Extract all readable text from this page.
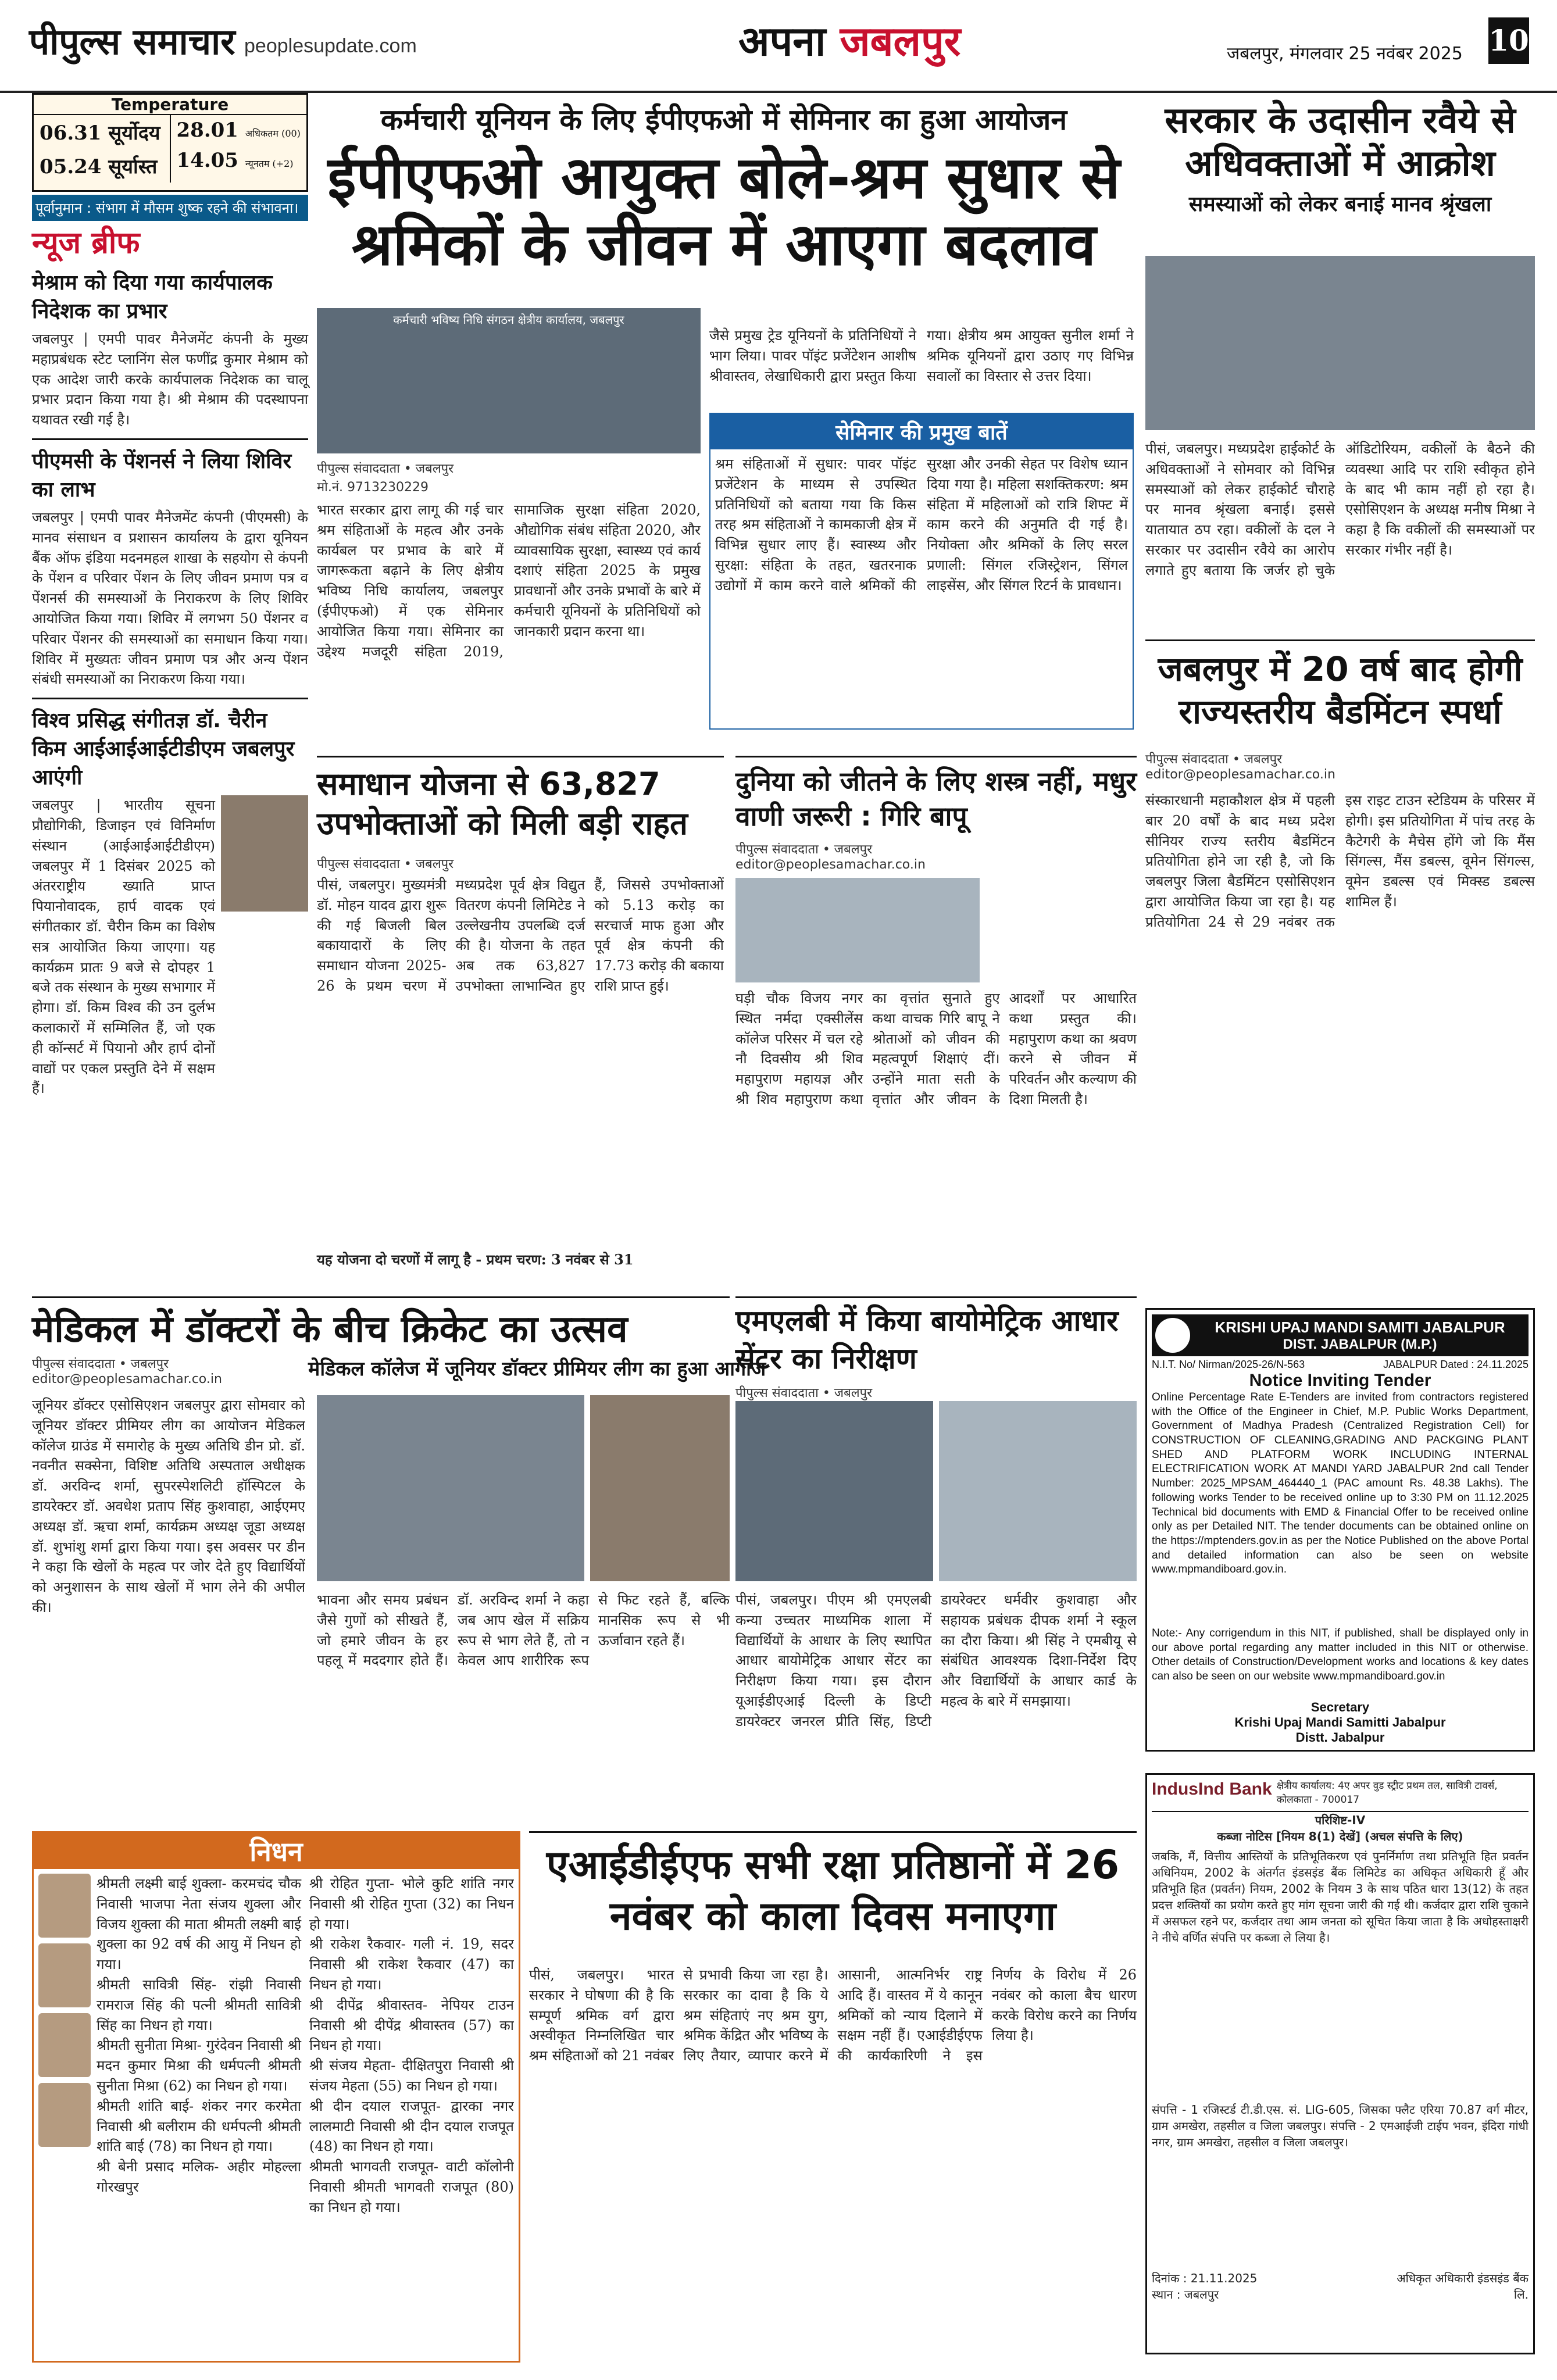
पीपुल्स समाचार peoplesupdate.com	अपना जबलपुर	जबलपुर, मंगलवार 25 नवंबर 2025 10
Temperature
06.31 सूर्योदय
05.24 सूर्यास्त
28.01 अधिकतम (00)
14.05 न्यूनतम (+2)
पूर्वानुमान : संभाग में मौसम शुष्क रहने की संभावना।
न्यूज ब्रीफ
मेश्राम को दिया गया कार्यपालक निदेशक का प्रभार
जबलपुर | एमपी पावर मैनेजमेंट कंपनी के मुख्य महाप्रबंधक स्टेट प्लानिंग सेल फणींद्र कुमार मेश्राम को एक आदेश जारी करके कार्यपालक निदेशक का चालू प्रभार प्रदान किया गया है। श्री मेश्राम की पदस्थापना यथावत रखी गई है।
पीएमसी के पेंशनर्स ने लिया शिविर का लाभ
जबलपुर | एमपी पावर मैनेजमेंट कंपनी (पीएमसी) के मानव संसाधन व प्रशासन कार्यालय के द्वारा यूनियन बैंक ऑफ इंडिया मदनमहल शाखा के सहयोग से कंपनी के पेंशन व परिवार पेंशन के लिए जीवन प्रमाण पत्र व पेंशनर्स की समस्याओं के निराकरण के लिए शिविर आयोजित किया गया। शिविर में लगभग 50 पेंशनर व परिवार पेंशनर की समस्याओं का समाधान किया गया। शिविर में मुख्यतः जीवन प्रमाण पत्र और अन्य पेंशन संबंधी समस्याओं का निराकरण किया गया।
विश्व प्रसिद्ध संगीतज्ञ डॉ. चैरीन किम आईआईआईटीडीएम जबलपुर आएंगी
जबलपुर | भारतीय सूचना प्रौद्योगिकी, डिजाइन एवं विनिर्माण संस्थान (आईआईआईटीडीएम) जबलपुर में 1 दिसंबर 2025 को अंतरराष्ट्रीय ख्याति प्राप्त पियानोवादक, हार्प वादक एवं संगीतकार डॉ. चैरीन किम का विशेष सत्र आयोजित किया जाएगा। यह कार्यक्रम प्रातः 9 बजे से दोपहर 1 बजे तक संस्थान के मुख्य सभागार में होगा। डॉ. किम विश्व की उन दुर्लभ कलाकारों में सम्मिलित हैं, जो एक ही कॉन्सर्ट में पियानो और हार्प दोनों वाद्यों पर एकल प्रस्तुति देने में सक्षम हैं।
कर्मचारी यूनियन के लिए ईपीएफओ में सेमिनार का हुआ आयोजन
ईपीएफओ आयुक्त बोले-श्रम सुधार से श्रमिकों के जीवन में आएगा बदलाव
कर्मचारी भविष्य निधि संगठन क्षेत्रीय कार्यालय, जबलपुर
पीपुल्स संवाददाता • जबलपुर
मो.नं. 9713230229
भारत सरकार द्वारा लागू की गई चार श्रम संहिताओं के महत्व और उनके कार्यबल पर प्रभाव के बारे में जागरूकता बढ़ाने के लिए क्षेत्रीय भविष्य निधि कार्यालय, जबलपुर (ईपीएफओ) में एक सेमिनार आयोजित किया गया। सेमिनार का उद्देश्य मजदूरी संहिता 2019, सामाजिक सुरक्षा संहिता 2020, औद्योगिक संबंध संहिता 2020, और व्यावसायिक सुरक्षा, स्वास्थ्य एवं कार्य दशाएं संहिता 2025 के प्रमुख प्रावधानों और उनके प्रभावों के बारे में कर्मचारी यूनियनों के प्रतिनिधियों को जानकारी प्रदान करना था।
जैसे प्रमुख ट्रेड यूनियनों के प्रतिनिधियों ने भाग लिया। पावर पॉइंट प्रजेंटेशन आशीष श्रीवास्तव, लेखाधिकारी द्वारा प्रस्तुत किया गया। क्षेत्रीय श्रम आयुक्त सुनील शर्मा ने श्रमिक यूनियनों द्वारा उठाए गए विभिन्न सवालों का विस्तार से उत्तर दिया।
सेमिनार की प्रमुख बातें
श्रम संहिताओं में सुधार: पावर पॉइंट प्रजेंटेशन के माध्यम से उपस्थित प्रतिनिधियों को बताया गया कि किस तरह श्रम संहिताओं ने कामकाजी क्षेत्र में विभिन्न सुधार लाए हैं। स्वास्थ्य और सुरक्षा: संहिता के तहत, खतरनाक उद्योगों में काम करने वाले श्रमिकों की सुरक्षा और उनकी सेहत पर विशेष ध्यान दिया गया है। महिला सशक्तिकरण: श्रम संहिता में महिलाओं को रात्रि शिफ्ट में काम करने की अनुमति दी गई है। नियोक्ता और श्रमिकों के लिए सरल प्रणाली: सिंगल रजिस्ट्रेशन, सिंगल लाइसेंस, और सिंगल रिटर्न के प्रावधान।
सरकार के उदासीन रवैये से अधिवक्ताओं में आक्रोश
समस्याओं को लेकर बनाई मानव श्रृंखला
पीसं, जबलपुर। मध्यप्रदेश हाईकोर्ट के अधिवक्ताओं ने सोमवार को विभिन्न समस्याओं को लेकर हाईकोर्ट चौराहे पर मानव श्रृंखला बनाई। इससे यातायात ठप रहा। वकीलों के दल ने सरकार पर उदासीन रवैये का आरोप लगाते हुए बताया कि जर्जर हो चुके ऑडिटोरियम, वकीलों के बैठने की व्यवस्था आदि पर राशि स्वीकृत होने के बाद भी काम नहीं हो रहा है। एसोसिएशन के अध्यक्ष मनीष मिश्रा ने कहा है कि वकीलों की समस्याओं पर सरकार गंभीर नहीं है।
जबलपुर में 20 वर्ष बाद होगी राज्यस्तरीय बैडमिंटन स्पर्धा
पीपुल्स संवाददाता • जबलपुर
editor@peoplesamachar.co.in
संस्कारधानी महाकौशल क्षेत्र में पहली बार 20 वर्षों के बाद मध्य प्रदेश सीनियर राज्य स्तरीय बैडमिंटन प्रतियोगिता होने जा रही है, जो कि जबलपुर जिला बैडमिंटन एसोसिएशन द्वारा आयोजित किया जा रहा है। यह प्रतियोगिता 24 से 29 नवंबर तक इस राइट टाउन स्टेडियम के परिसर में होगी। इस प्रतियोगिता में पांच तरह के कैटेगरी के मैचेस होंगे जो कि मैंस सिंगल्स, मैंस डबल्स, वूमेन सिंगल्स, वूमेन डबल्स एवं मिक्स्ड डबल्स शामिल हैं।
समाधान योजना से 63,827 उपभोक्ताओं को मिली बड़ी राहत
पीपुल्स संवाददाता • जबलपुर
पीसं, जबलपुर। मुख्यमंत्री डॉ. मोहन यादव द्वारा शुरू की गई बिजली बिल बकायादारों के लिए समाधान योजना 2025-26 के प्रथम चरण में मध्यप्रदेश पूर्व क्षेत्र विद्युत वितरण कंपनी लिमिटेड ने उल्लेखनीय उपलब्धि दर्ज की है। योजना के तहत अब तक 63,827 उपभोक्ता लाभान्वित हुए हैं, जिससे उपभोक्ताओं को 5.13 करोड़ का सरचार्ज माफ हुआ और पूर्व क्षेत्र कंपनी की 17.73 करोड़ की बकाया राशि प्राप्त हुई।
यह योजना दो चरणों में लागू है - प्रथम चरण: 3 नवंबर से 31
दुनिया को जीतने के लिए शस्त्र नहीं, मधुर वाणी जरूरी : गिरि बापू
पीपुल्स संवाददाता • जबलपुर
editor@peoplesamachar.co.in
घड़ी चौक विजय नगर स्थित नर्मदा एक्सीलेंस कॉलेज परिसर में चल रहे नौ दिवसीय श्री शिव महापुराण महायज्ञ और श्री शिव महापुराण कथा का वृत्तांत सुनाते हुए कथा वाचक गिरि बापू ने श्रोताओं को जीवन की महत्वपूर्ण शिक्षाएं दीं। उन्होंने माता सती के वृत्तांत और जीवन के आदर्शों पर आधारित कथा प्रस्तुत की। महापुराण कथा का श्रवण करने से जीवन में परिवर्तन और कल्याण की दिशा मिलती है।
KRISHI UPAJ MANDI SAMITI JABALPUR
DIST. JABALPUR (M.P.)
N.I.T. No/ Nirman/2025-26/N-563	JABALPUR Dated : 24.11.2025
Notice Inviting Tender
Online Percentage Rate E-Tenders are invited from contractors registered with the Office of the Engineer in Chief, M.P. Public Works Department, Government of Madhya Pradesh (Centralized Registration Cell) for CONSTRUCTION OF CLEANING,GRADING AND PACKGING PLANT SHED AND PLATFORM WORK INCLUDING INTERNAL ELECTRIFICATION WORK AT MANDI YARD JABALPUR 2nd call Tender Number: 2025_MPSAM_464440_1 (PAC amount Rs. 48.38 Lakhs). The following works Tender to be received online up to 3:30 PM on 11.12.2025 Technical bid documents with EMD & Financial Offer to be received online only as per Detailed NIT. The tender documents can be obtained online on the https://mptenders.gov.in as per the Notice Published on the above Portal and detailed information can also be seen on website www.mpmandiboard.gov.in.
Note:- Any corrigendum in this NIT, if published, shall be displayed only in our above portal regarding any matter included in this NIT or otherwise. Other details of Construction/Development works and locations & key dates can also be seen on our website www.mpmandiboard.gov.in
Secretary
Krishi Upaj Mandi Samitti Jabalpur
Distt. Jabalpur
मेडिकल में डॉक्टरों के बीच क्रिकेट का उत्सव
मेडिकल कॉलेज में जूनियर डॉक्टर प्रीमियर लीग का हुआ आगाज
पीपुल्स संवाददाता • जबलपुर
editor@peoplesamachar.co.in
जूनियर डॉक्टर एसोसिएशन जबलपुर द्वारा सोमवार को जूनियर डॉक्टर प्रीमियर लीग का आयोजन मेडिकल कॉलेज ग्राउंड में समारोह के मुख्य अतिथि डीन प्रो. डॉ. नवनीत सक्सेना, विशिष्ट अतिथि अस्पताल अधीक्षक डॉ. अरविन्द शर्मा, सुपरस्पेशलिटी हॉस्पिटल के डायरेक्टर डॉ. अवधेश प्रताप सिंह कुशवाहा, आईएमए अध्यक्ष डॉ. ऋचा शर्मा, कार्यक्रम अध्यक्ष जूडा अध्यक्ष डॉ. शुभांशु शर्मा द्वारा किया गया। इस अवसर पर डीन ने कहा कि खेलों के महत्व पर जोर देते हुए विद्यार्थियों को अनुशासन के साथ खेलों में भाग लेने की अपील की।	भावना और समय प्रबंधन जैसे गुणों को सीखते हैं, जो हमारे जीवन के हर पहलू में मददगार होते हैं। डॉ. अरविन्द शर्मा ने कहा जब आप खेल में सक्रिय रूप से भाग लेते हैं, तो न केवल आप शारीरिक रूप से फिट रहते हैं, बल्कि मानसिक रूप से भी ऊर्जावान रहते हैं।
एमएलबी में किया बायोमेट्रिक आधार सेंटर का निरीक्षण
पीपुल्स संवाददाता • जबलपुर
पीसं, जबलपुर। पीएम श्री एमएलबी कन्या उच्चतर माध्यमिक शाला में विद्यार्थियों के आधार के लिए स्थापित आधार बायोमेट्रिक आधार सेंटर का निरीक्षण किया गया। इस दौरान यूआईडीएआई दिल्ली के डिप्टी डायरेक्टर जनरल प्रीति सिंह, डिप्टी डायरेक्टर धर्मवीर कुशवाहा और सहायक प्रबंधक दीपक शर्मा ने स्कूल का दौरा किया। श्री सिंह ने एमबीयू से संबंधित आवश्यक दिशा-निर्देश दिए और विद्यार्थियों के आधार कार्ड के महत्व के बारे में समझाया।
निधन

श्रीमती लक्ष्मी बाई शुक्ला- करमचंद चौक निवासी भाजपा नेता संजय शुक्ला और विजय शुक्ला की माता श्रीमती लक्ष्मी बाई शुक्ला का 92 वर्ष की आयु में निधन हो गया।

श्रीमती सावित्री सिंह- रांझी निवासी रामराज सिंह की पत्नी श्रीमती सावित्री सिंह का निधन हो गया।

श्रीमती सुनीता मिश्रा- गुरंदेवन निवासी श्री मदन कुमार मिश्रा की धर्मपत्नी श्रीमती सुनीता मिश्रा (62) का निधन हो गया।

श्रीमती शांति बाई- शंकर नगर करमेता निवासी श्री बलीराम की धर्मपत्नी श्रीमती शांति बाई (78) का निधन हो गया।

श्री बेनी प्रसाद मलिक- अहीर मोहल्ला गोरखपुर

श्री रोहित गुप्ता- भोले कुटि शांति नगर निवासी श्री रोहित गुप्ता (32) का निधन हो गया।

श्री राकेश रैकवार- गली नं. 19, सदर निवासी श्री राकेश रैकवार (47) का निधन हो गया।

श्री दीपेंद्र श्रीवास्तव- नेपियर टाउन निवासी श्री दीपेंद्र श्रीवास्तव (57) का निधन हो गया।

श्री संजय मेहता- दीक्षितपुरा निवासी श्री संजय मेहता (55) का निधन हो गया।

श्री दीन दयाल राजपूत- द्वारका नगर लालमाटी निवासी श्री दीन दयाल राजपूत (48) का निधन हो गया।

श्रीमती भागवती राजपूत- वाटी कॉलोनी निवासी श्रीमती भागवती राजपूत (80) का निधन हो गया।

एआईडीईएफ सभी रक्षा प्रतिष्ठानों में 26 नवंबर को काला दिवस मनाएगा
पीसं, जबलपुर। भारत सरकार ने घोषणा की है कि सम्पूर्ण श्रमिक वर्ग द्वारा अस्वीकृत निम्नलिखित चार श्रम संहिताओं को 21 नवंबर से प्रभावी किया जा रहा है। सरकार का दावा है कि ये श्रम संहिताएं नए श्रम युग, श्रमिक केंद्रित और भविष्य के लिए तैयार, व्यापार करने में आसानी, आत्मनिर्भर राष्ट्र आदि हैं। वास्तव में ये कानून श्रमिकों को न्याय दिलाने में सक्षम नहीं हैं। एआईडीईएफ की कार्यकारिणी ने इस निर्णय के विरोध में 26 नवंबर को काला बैच धारण करके विरोध करने का निर्णय लिया है।
IndusInd Bank क्षेत्रीय कार्यालय: 4ए अपर वुड स्ट्रीट प्रथम तल, सावित्री टावर्स, कोलकाता - 700017
परिशिष्ट-IV
कब्जा नोटिस [नियम 8(1) देखें] (अचल संपत्ति के लिए)
जबकि, मैं, वित्तीय आस्तियों के प्रतिभूतिकरण एवं पुनर्निर्माण तथा प्रतिभूति हित प्रवर्तन अधिनियम, 2002 के अंतर्गत इंडसइंड बैंक लिमिटेड का अधिकृत अधिकारी हूँ और प्रतिभूति हित (प्रवर्तन) नियम, 2002 के नियम 3 के साथ पठित धारा 13(12) के तहत प्रदत्त शक्तियों का प्रयोग करते हुए मांग सूचना जारी की गई थी। कर्जदार द्वारा राशि चुकाने में असफल रहने पर, कर्जदार तथा आम जनता को सूचित किया जाता है कि अधोहस्ताक्षरी ने नीचे वर्णित संपत्ति पर कब्जा ले लिया है।
संपत्ति - 1 रजिस्टर्ड टी.डी.एस. सं. LIG-605, जिसका फ्लैट एरिया 70.87 वर्ग मीटर, ग्राम अमखेरा, तहसील व जिला जबलपुर। संपत्ति - 2 एमआईजी टाईप भवन, इंदिरा गांधी नगर, ग्राम अमखेरा, तहसील व जिला जबलपुर।
दिनांक : 21.11.2025
स्थान : जबलपुर
अधिकृत अधिकारी इंडसइंड बैंक लि.
